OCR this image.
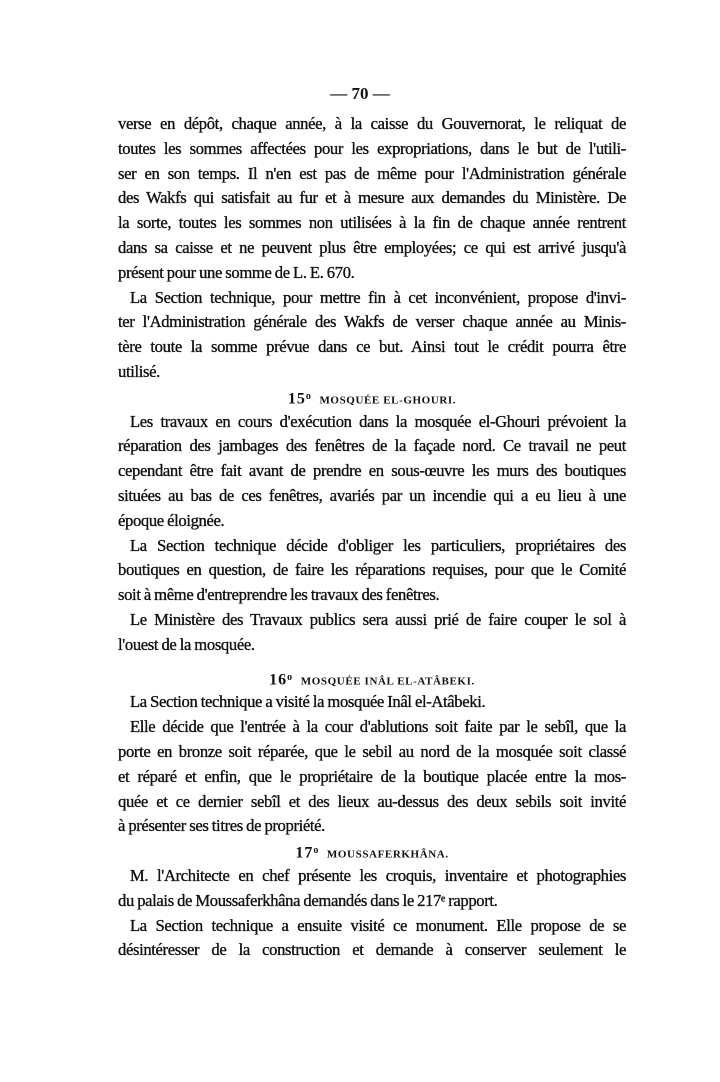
— 70 —
verse en dépôt, chaque année, à la caisse du Gouvernorat, le reliquat de
toutes les sommes affectées pour les expropriations, dans le but de l'utili-
ser en son temps. Il n'en est pas de même pour l'Administration générale
des Wakfs qui satisfait au fur et à mesure aux demandes du Ministère. De
la sorte, toutes les sommes non utilisées à la fin de chaque année rentrent
dans sa caisse et ne peuvent plus être employées; ce qui est arrivé jusqu'à
présent pour une somme de L. E. 670.
La Section technique, pour mettre fin à cet inconvénient, propose d'invi-
ter l'Administration générale des Wakfs de verser chaque année au Minis-
tère toute la somme prévue dans ce but. Ainsi tout le crédit pourra être
utilisé.
15o MOSQUÉE EL-GHOURI.
Les travaux en cours d'exécution dans la mosquée el-Ghouri prévoient la
réparation des jambages des fenêtres de la façade nord. Ce travail ne peut
cependant être fait avant de prendre en sous-œuvre les murs des boutiques
situées au bas de ces fenêtres, avariés par un incendie qui a eu lieu à une
époque éloignée.
La Section technique décide d'obliger les particuliers, propriétaires des
boutiques en question, de faire les réparations requises, pour que le Comité
soit à même d'entreprendre les travaux des fenêtres.
Le Ministère des Travaux publics sera aussi prié de faire couper le sol à
l'ouest de la mosquée.
16o MOSQUÉE INÂL EL-ATÂBEKI.
La Section technique a visité la mosquée Inâl el-Atâbeki.
Elle décide que l'entrée à la cour d'ablutions soit faite par le sebîl, que la
porte en bronze soit réparée, que le sebil au nord de la mosquée soit classé
et réparé et enfin, que le propriétaire de la boutique placée entre la mos-
quée et ce dernier sebîl et des lieux au-dessus des deux sebils soit invité
à présenter ses titres de propriété.
17o MOUSSAFERKHÂNA.
M. l'Architecte en chef présente les croquis, inventaire et photographies
du palais de Moussaferkhâna demandés dans le 217ᵉ rapport.
La Section technique a ensuite visité ce monument. Elle propose de se
désintéresser de la construction et demande à conserver seulement le
